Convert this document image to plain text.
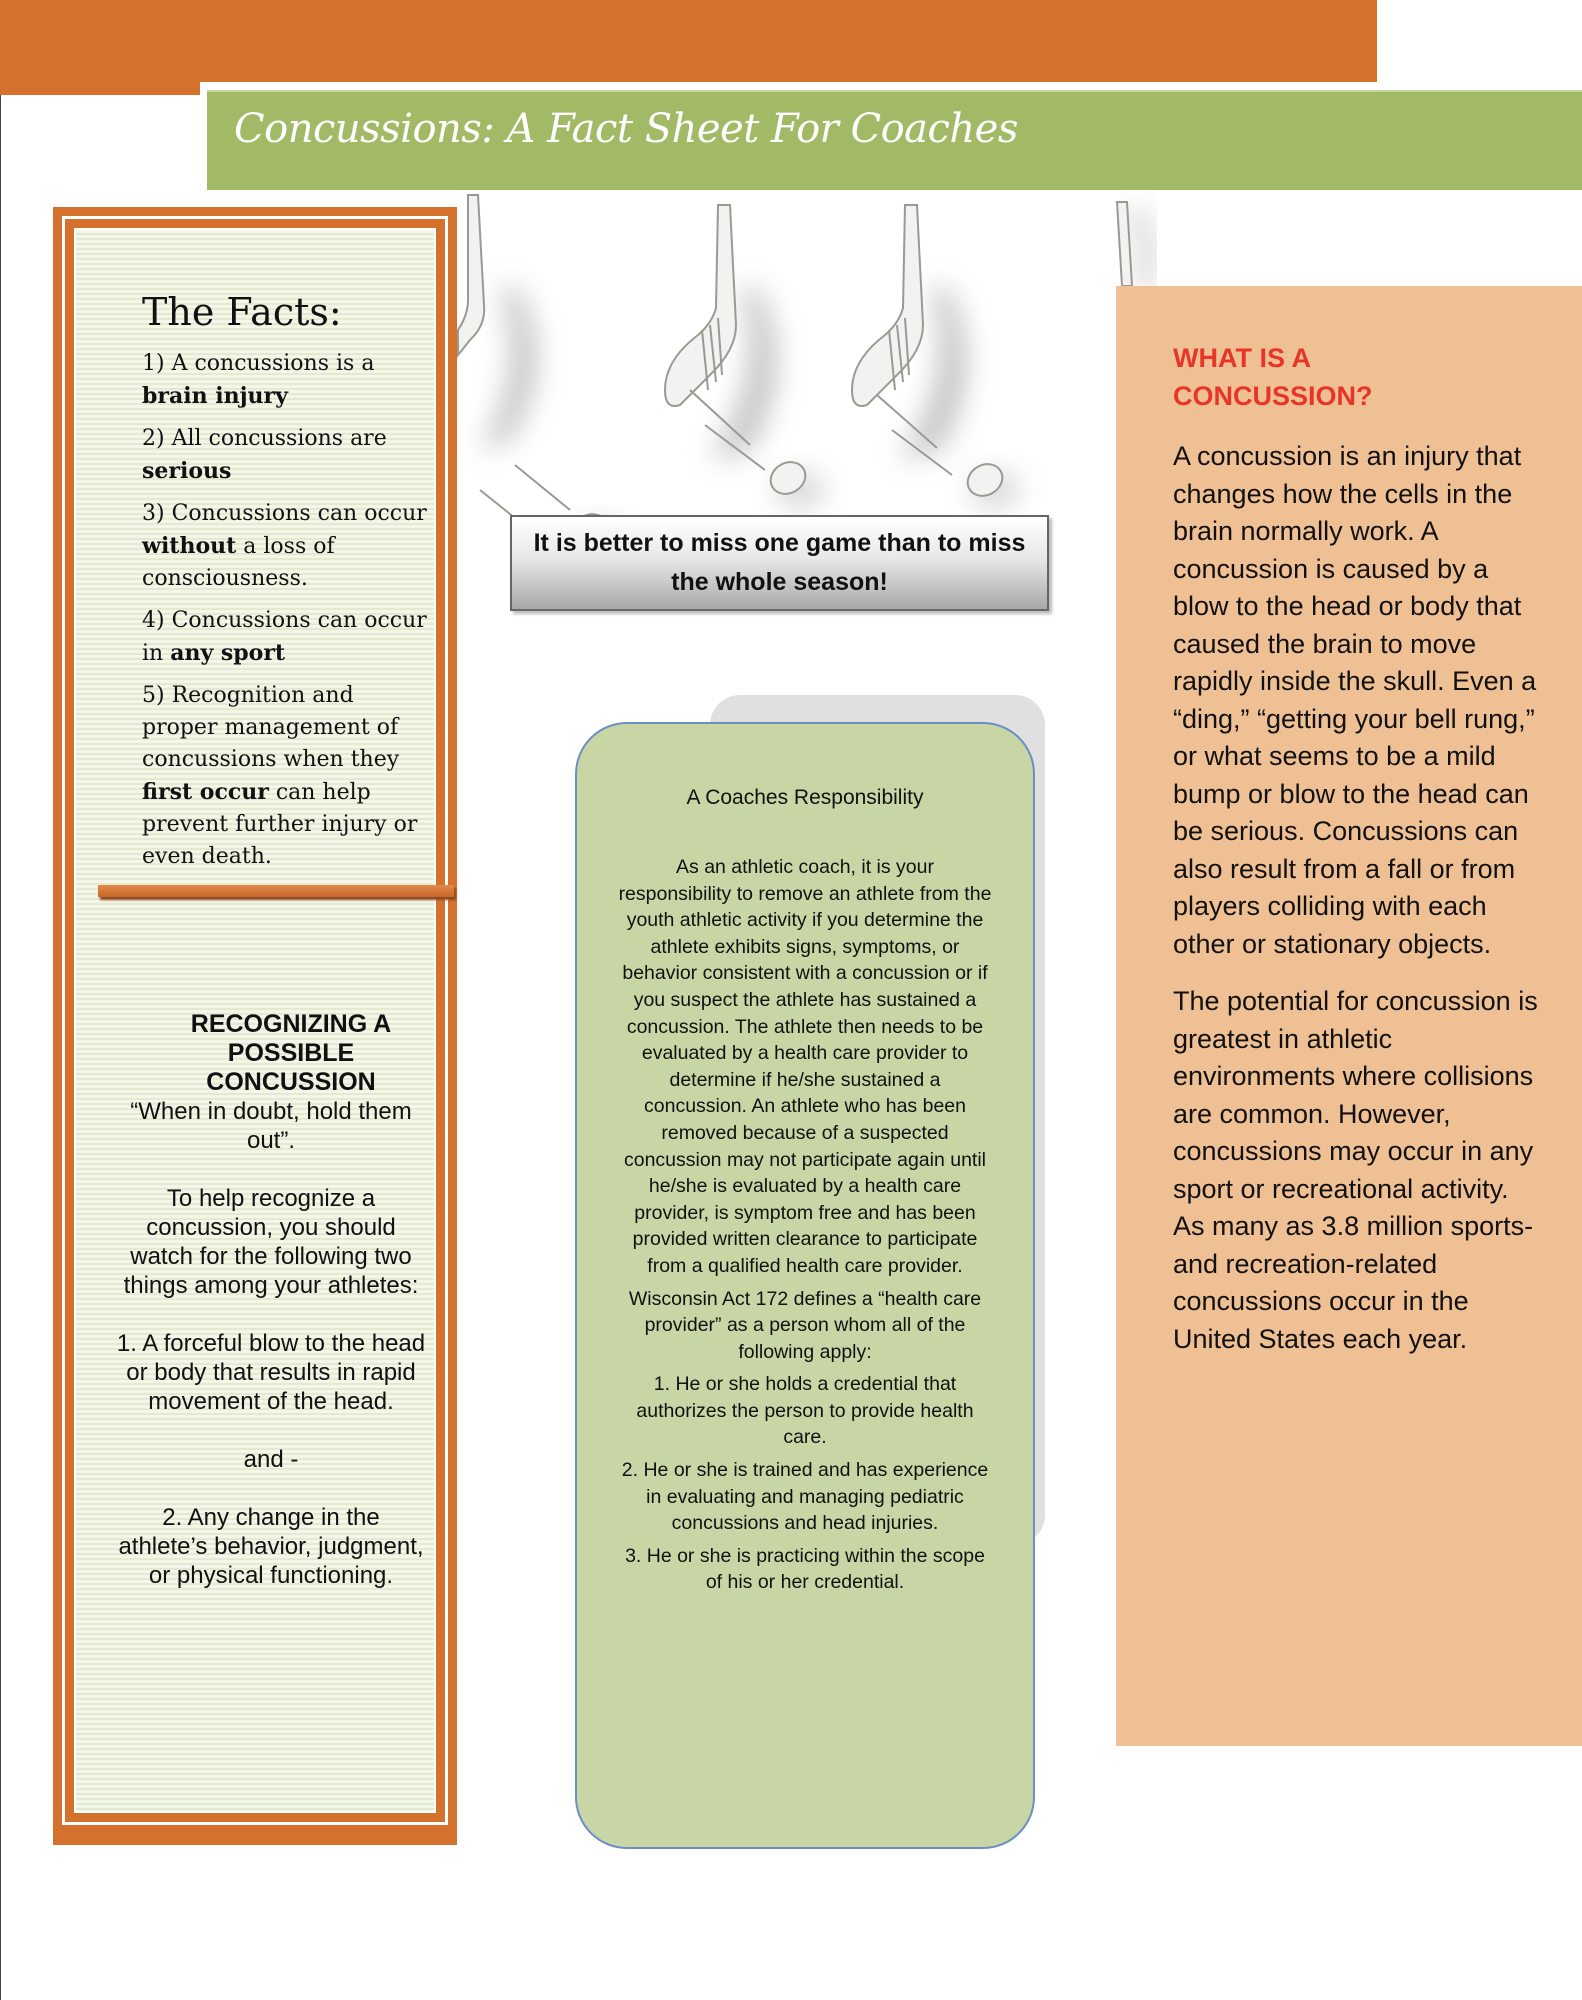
Concussions: A Fact Sheet For Coaches
The Facts:
1) A concussions is a brain injury
2) All concussions are serious
3) Concussions can occur without a loss of consciousness.
4) Concussions can occur in any sport
5) Recognition and proper management of concussions when they first occur can help prevent further injury or even death.
RECOGNIZING A POSSIBLE CONCUSSION
“When in doubt, hold them out”.
To help recognize a concussion, you should watch for the following two things among your athletes:
1. A forceful blow to the head or body that results in rapid movement of the head.
and -
2. Any change in the athlete’s behavior, judgment, or physical functioning.
It is better to miss one game than to miss the whole season!
A Coaches Responsibility

As an athletic coach, it is your responsibility to remove an athlete from the youth athletic activity if you determine the athlete exhibits signs, symptoms, or behavior consistent with a concussion or if you suspect the athlete has sustained a concussion. The athlete then needs to be evaluated by a health care provider to determine if he/she sustained a concussion. An athlete who has been removed because of a suspected concussion may not participate again until he/she is evaluated by a health care provider, is symptom free and has been provided written clearance to participate from a qualified health care provider.

Wisconsin Act 172 defines a “health care provider” as a person whom all of the following apply:

1. He or she holds a credential that authorizes the person to provide health care.

2. He or she is trained and has experience in evaluating and managing pediatric concussions and head injuries.

3. He or she is practicing within the scope of his or her credential.

WHAT IS A CONCUSSION?

A concussion is an injury that changes how the cells in the brain normally work. A concussion is caused by a blow to the head or body that caused the brain to move rapidly inside the skull. Even a “ding,” “getting your bell rung,” or what seems to be a mild bump or blow to the head can be serious. Concussions can also result from a fall or from players colliding with each other or stationary objects.

The potential for concussion is greatest in athletic environments where collisions are common. However, concussions may occur in any sport or recreational activity. As many as 3.8 million sports- and recreation-related concussions occur in the United States each year.
